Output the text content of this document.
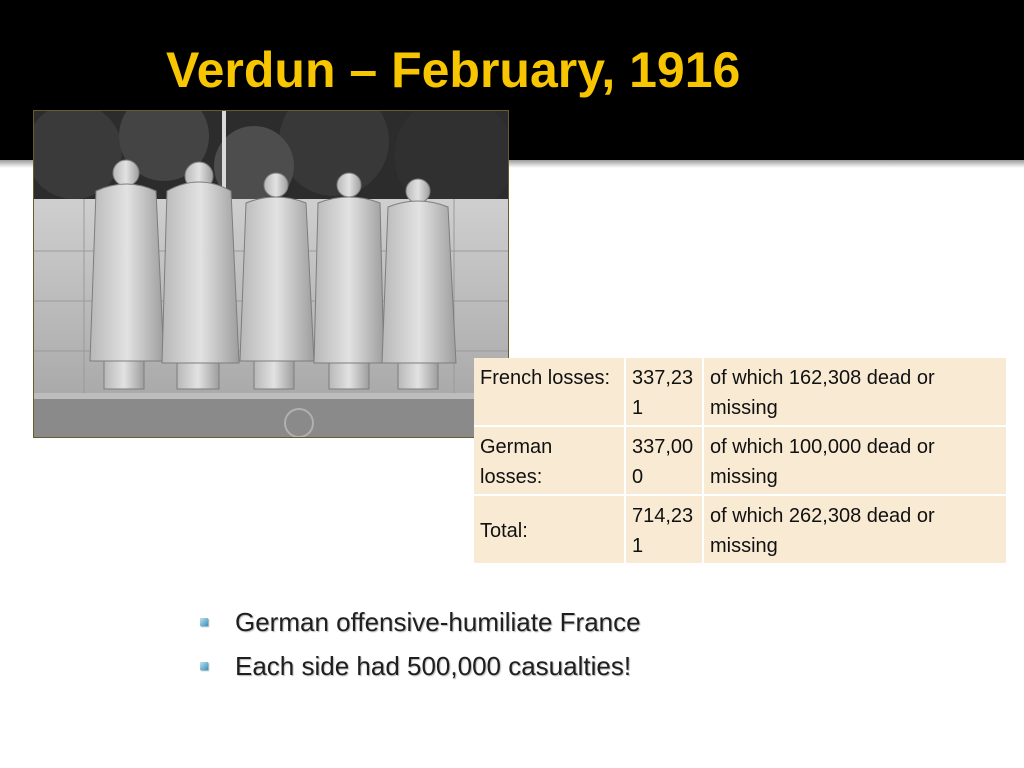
Verdun – February, 1916
French losses:	337,231	of which 162,308 dead or missing
German losses:	337,000	of which 100,000 dead or missing
Total:	714,231	of which 262,308 dead or missing
German offensive-humiliate France
Each side had 500,000 casualties!
